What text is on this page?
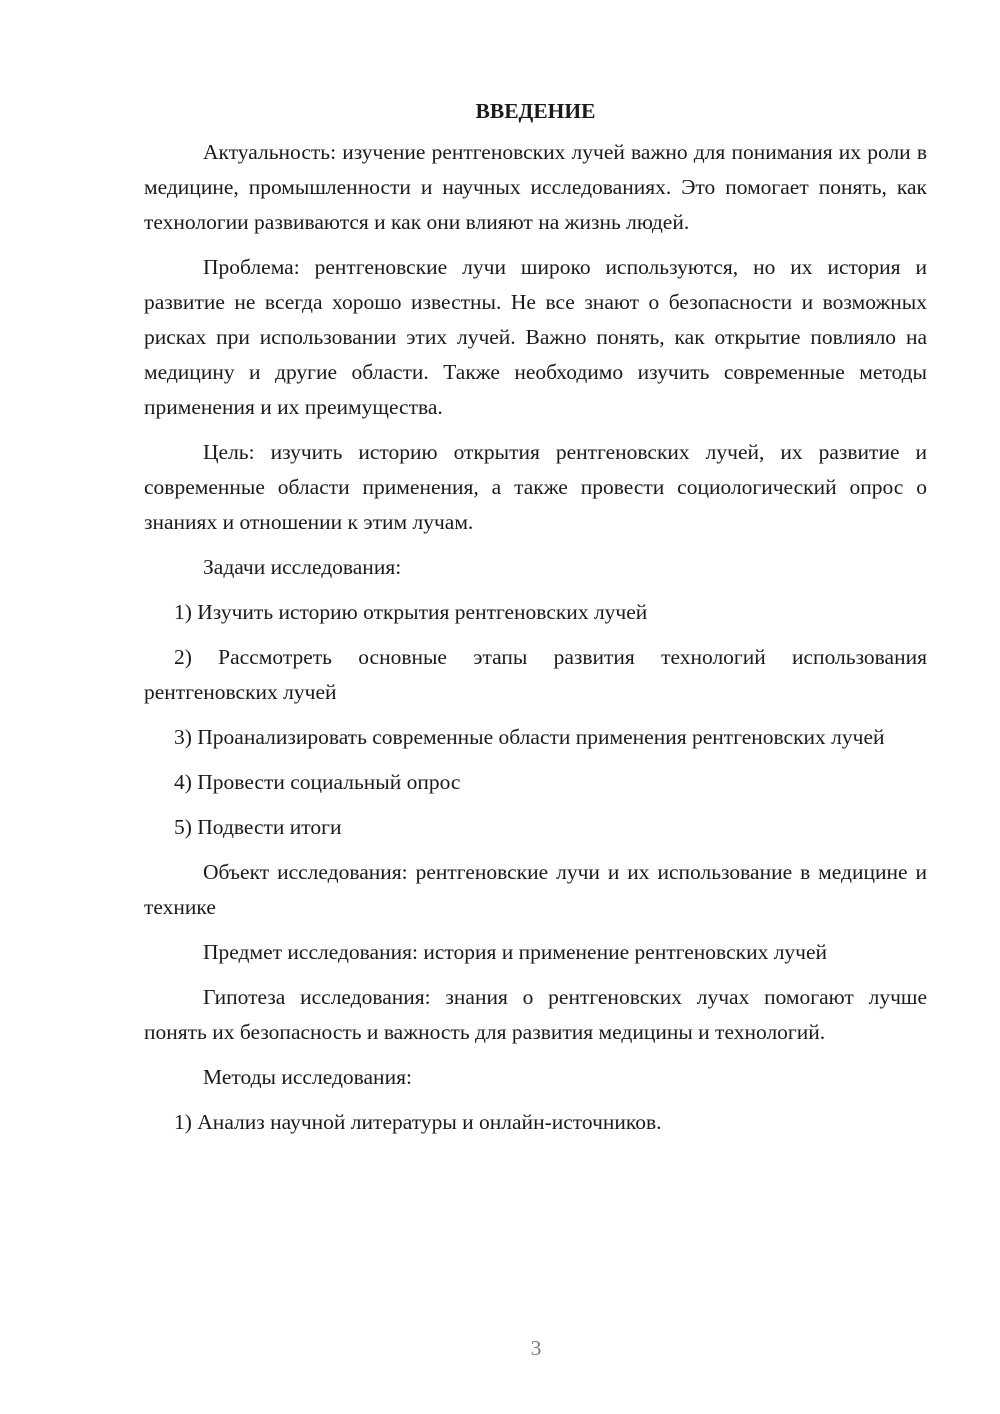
ВВЕДЕНИЕ

Актуальность: изучение рентгеновских лучей важно для понимания их роли в медицине, промышленности и научных исследованиях. Это помогает понять, как технологии развиваются и как они влияют на жизнь людей.

Проблема: рентгеновские лучи широко используются, но их история и развитие не всегда хорошо известны. Не все знают о безопасности и возможных рисках при использовании этих лучей. Важно понять, как открытие повлияло на медицину и другие области. Также необходимо изучить современные методы применения и их преимущества.

Цель: изучить историю открытия рентгеновских лучей, их развитие и современные области применения, а также провести социологический опрос о знаниях и отношении к этим лучам.

Задачи исследования:

1) Изучить историю открытия рентгеновских лучей

2) Рассмотреть основные этапы развития технологий использования рентгеновских лучей

3) Проанализировать современные области применения рентгеновских лучей

4) Провести социальный опрос

5) Подвести итоги

Объект исследования: рентгеновские лучи и их использование в медицине и технике

Предмет исследования: история и применение рентгеновских лучей

Гипотеза исследования: знания о рентгеновских лучах помогают лучше понять их безопасность и важность для развития медицины и технологий.

Методы исследования:

1) Анализ научной литературы и онлайн-источников.

3
